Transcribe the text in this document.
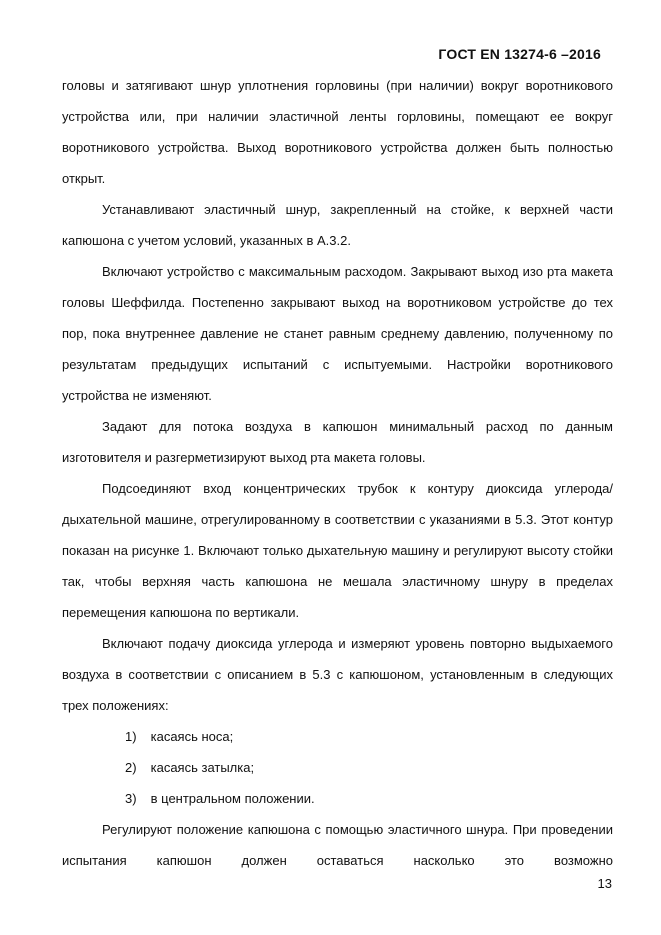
ГОСТ EN 13274-6 –2016

головы и затягивают шнур уплотнения горловины (при наличии) вокруг воротникового устройства или, при наличии эластичной ленты горловины, помещают ее вокруг воротникового устройства. Выход воротникового устройства должен быть полностью открыт.

Устанавливают эластичный шнур, закрепленный на стойке, к верхней части капюшона с учетом условий, указанных в А.3.2.

Включают устройство с максимальным расходом. Закрывают выход изо рта макета головы Шеффилда. Постепенно закрывают выход на воротниковом устройстве до тех пор, пока внутреннее давление не станет равным среднему давлению, полученному по результатам предыдущих испытаний с испытуемыми. Настройки воротникового устройства не изменяют.

Задают для потока воздуха в капюшон минимальный расход по данным изготовителя и разгерметизируют выход рта макета головы.

Подсоединяют вход концентрических трубок к контуру диоксида углерода/дыхательной машине, отрегулированному в соответствии с указаниями в 5.3. Этот контур показан на рисунке 1. Включают только дыхательную машину и регулируют высоту стойки так, чтобы верхняя часть капюшона не мешала эластичному шнуру в пределах перемещения капюшона по вертикали.

Включают подачу диоксида углерода и измеряют уровень повторно выдыхаемого воздуха в соответствии с описанием в 5.3 с капюшоном, установленным в следующих трех положениях:

1) касаясь носа;
2) касаясь затылка;
3) в центральном положении.

Регулируют положение капюшона с помощью эластичного шнура. При проведении испытания капюшон должен оставаться насколько это возможно

13
